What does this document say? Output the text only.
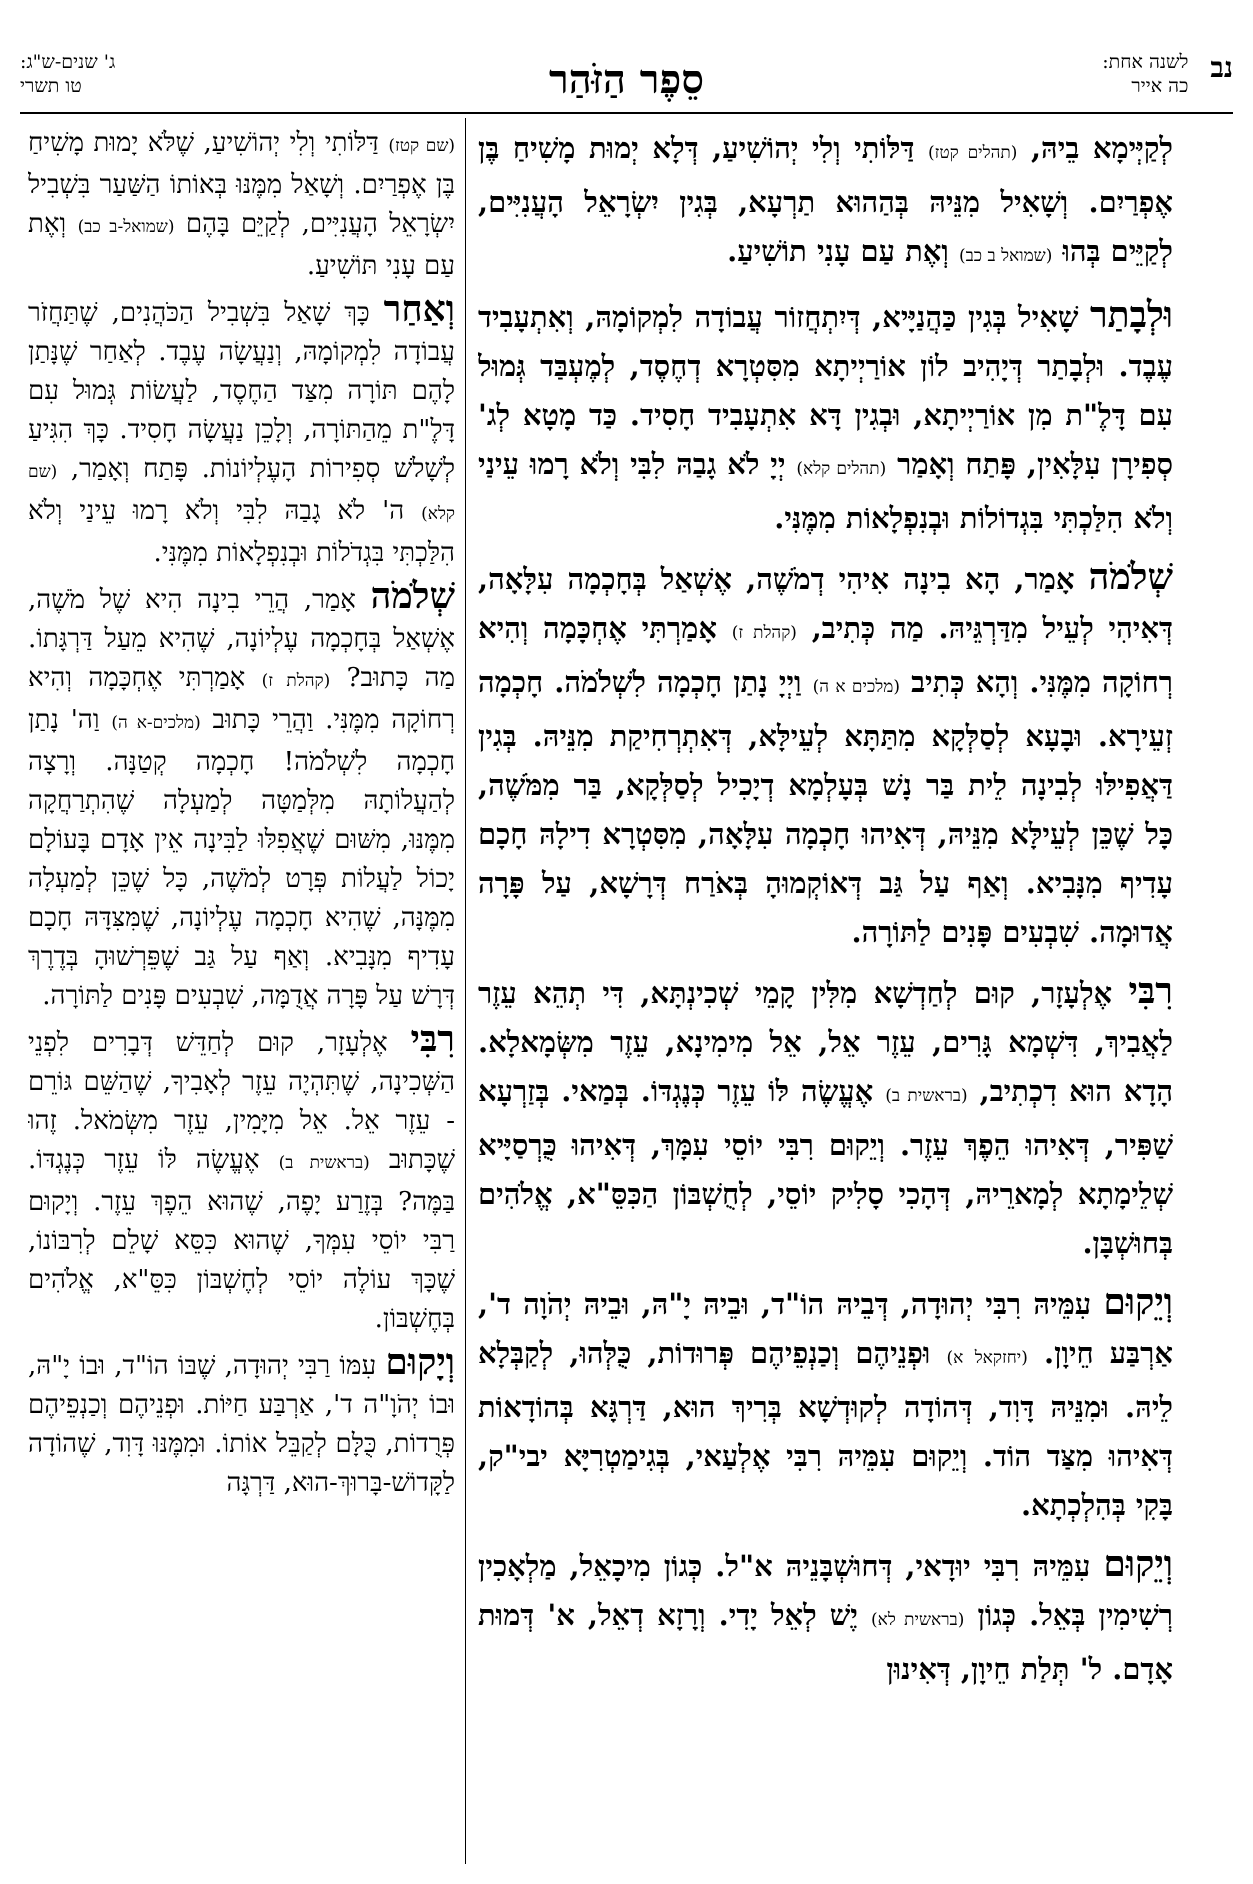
נב
לשנה אחת:
כה אייר
סֵפֶר הַזֹּהַר
ג' שנים-ש"ג:
טו תשרי

לְקַיְּימָא בֵיהּ, (תהלים קטז) דַּלּוֹתִי וְלִי יְהוֹשִׁיעַ, דְּלָא יְמוּת מָשִׁיחַ בֶּן אֶפְרַיִם. וְשָׁאִיל מִנֵּיהּ בְּהַהוּא תַרְעָא, בְּגִין יִשְׂרָאֵל הָעֲנִיִּים, לְקַיֵּים בְּהוּ (שמואל ב כב) וְאֶת עַם עָנִי תוֹשִׁיעַ.

וּלְבָתַר שָׁאִיל בְּגִין כַּהֲנַיָּיא, דְּיִתְחֲזוֹר עֲבוֹדָה לִמְקוֹמָהּ, וְאִתְעָבִיד עֶבֶד. וּלְבָתַר דְּיָהִיב לוֹן אוֹרַיְיתָא מִסִּטְרָא דְחֶסֶד, לְמֶעְבַּד גְּמוּל עִם דָּלֶ"ת מִן אוֹרַיְיתָא, וּבְגִין דָּא אִתְעָבִיד חָסִיד. כַּד מָטָא לְג' סְפִירָן עִלָּאִין, פָּתַח וְאָמַר (תהלים קלא) יְיָ לֹא גָבַהּ לִבִּי וְלֹא רָמוּ עֵינַי וְלֹא הִלַּכְתִּי בִּגְדוֹלוֹת וּבְנִפְלָאוֹת מִמֶּנִּי.

שְׁלֹמֹה אָמַר, הָא בִינָה אִיהִי דְמֹשֶׁה, אֶשְׁאַל בְּחָכְמָה עִלָּאָה, דְּאִיהִי לְעֵיל מִדַּרְגֵּיהּ. מַה כְּתִיב, (קהלת ז) אָמַרְתִּי אֶחְכָּמָה וְהִיא רְחוֹקָה מִמֶּנִּי. וְהָא כְּתִיב (מלכים א ה) וַיְיָ נָתַן חָכְמָה לִשְׁלֹמֹה. חָכְמָה זְעֵירָא. וּבָעָא לְסַלְּקָא מִתַּתָּא לְעֵילָּא, דְּאִתְרְחִיקַת מִנֵּיהּ. בְּגִין דַּאֲפִילּוּ לְבִינָה לֵית בַּר נָשׁ בְּעָלְמָא דְיָכִיל לְסַלְּקָא, בַּר מִמֹּשֶׁה, כָּל שֶׁכֵּן לְעֵילָּא מִנֵּיהּ, דְּאִיהוּ חָכְמָה עִלָּאָה, מִסִּטְרָא דִילָהּ חָכָם עָדִיף מִנָּבִיא. וְאַף עַל גַּב דְּאוֹקְמוּהָ בְּאֹרַח דְּרָשָׁא, עַל פָּרָה אֲדוּמָה. שִׁבְעִים פָּנִים לַתּוֹרָה.

רִבִּי אֶלְעָזָר, קוּם לְחַדְשָׁא מִלִּין קָמֵי שְׁכִינְתָּא, דִּי תְהֵא עֵזֶר לַאֲבִיךְ, דִּשְׁמָא גָּרִים, עֵזֶר אֵל, אֵל מִימִינָא, עֵזֶר מִשְּׂמָאלָא. הָדָא הוּא דִכְתִיב, (בראשית ב) אֶעֱשֶׂה לּוֹ עֵזֶר כְּנֶגְדּוֹ. בְּמַאי. בְּזַרְעָא שַׁפִּיר, דְּאִיהוּ הֵפֶךְ עֵזֶר. וְיֵקוּם רִבִּי יוֹסֵי עִמָּךְ, דְּאִיהוּ כֻּרְסַיָּיא שְׁלֵימָתָא לְמָארֵיהּ, דְּהָכִי סָלִיק יוֹסֵי, לְחֻשְׁבּוֹן הַכִּסֵּ"א, אֱלֹהִים בְּחוּשְׁבָּן.

וְיֵקוּם עִמֵּיהּ רִבִּי יְהוּדָה, דְּבֵיהּ הוֹ"ד, וּבֵיהּ יָ"הּ, וּבֵיהּ יְהֹוָה ד', אַרְבַּע חֵיוָן. (יחזקאל א) וּפְנֵיהֶם וְכַנְפֵיהֶם פְּרוּדוֹת, כֻּלְּהוּ, לְקַבְּלָא לֵיהּ. וּמִנֵּיהּ דָּוִד, דְּהוֹדָה לְקוּדְשָׁא בְּרִיךְ הוּא, דַּרְגָּא בְּהוֹדָאוֹת דְּאִיהוּ מִצַּד הוֹד. וְיֵקוּם עִמֵּיהּ רִבִּי אֶלְעַאי, בְּגִימַטְרִיָּא יבי"ק, בָּקִי בְּהִלְכְתָא.

וְיֵקוּם עִמֵּיהּ רִבִּי יוּדָאי, דְּחוּשְׁבָּנֵיהּ א"ל. כְּגוֹן מִיכָאֵל, מַלְאָכִין רְשִׁימִין בְּאֵל. כְּגוֹן (בראשית לא) יֶשׁ לְאֵל יָדִי. וְרָזָא דְאֵל, א' דְּמוּת אָדָם. ל' תְּלַת חֵיוָן, דְּאִינוּן

(שם קטז) דַּלּוֹתִי וְלִי יְהוֹשִׁיעַ, שֶׁלֹּא יָמוּת מָשִׁיחַ בֶּן אֶפְרַיִם. וְשָׁאַל מִמֶּנּוּ בְּאוֹתוֹ הַשַּׁעַר בִּשְׁבִיל יִשְׂרָאֵל הָעֲנִיִּים, לְקַיֵּם בָּהֶם (שמואל-ב כב) וְאֶת עַם עָנִי תּוֹשִׁיעַ.

וְאַחַר כָּךְ שָׁאַל בִּשְׁבִיל הַכֹּהֲנִים, שֶׁתַּחֲזֹר עֲבוֹדָה לִמְקוֹמָהּ, וְנַעֲשָׂה עֶבֶד. לְאַחַר שֶׁנָּתַן לָהֶם תּוֹרָה מִצַּד הַחֶסֶד, לַעֲשׂוֹת גְּמוּל עִם דָּלֶ"ת מֵהַתּוֹרָה, וְלָכֵן נַעֲשָׂה חָסִיד. כָּךְ הִגִּיעַ לְשָׁלֹשׁ סְפִירוֹת הָעֶלְיוֹנוֹת. פָּתַח וְאָמַר, (שם קלא) ה' לֹא גָבַהּ לִבִּי וְלֹא רָמוּ עֵינַי וְלֹא הִלַּכְתִּי בִּגְדֹלוֹת וּבְנִפְלָאוֹת מִמֶּנִּי.

שְׁלֹמֹה אָמַר, הֲרֵי בִינָה הִיא שֶׁל מֹשֶׁה, אֶשְׁאַל בְּחָכְמָה עֶלְיוֹנָה, שֶׁהִיא מֵעַל דַּרְגָּתוֹ. מַה כָּתוּב? (קהלת ז) אָמַרְתִּי אֶחְכָּמָה וְהִיא רְחוֹקָה מִמֶּנִּי. וַהֲרֵי כָּתוּב (מלכים-א ה) וַה' נָתַן חָכְמָה לִשְׁלֹמֹה! חָכְמָה קְטַנָּה. וְרָצָה לְהַעֲלוֹתָהּ מִלְּמַטָּה לְמַעְלָה שֶׁהִתְרַחֲקָה מִמֶּנּוּ, מִשּׁוּם שֶׁאֲפִלּוּ לַבִּינָה אֵין אָדָם בָּעוֹלָם יָכוֹל לַעֲלוֹת פְּרָט לְמֹשֶׁה, כָּל שֶׁכֵּן לְמַעְלָה מִמֶּנָּה, שֶׁהִיא חָכְמָה עֶלְיוֹנָה, שֶׁמִּצִּדָּהּ חָכָם עָדִיף מִנָּבִיא. וְאַף עַל גַּב שֶׁפֵּרְשׁוּהָ בְּדֶרֶךְ דְּרָשׁ עַל פָּרָה אֲדֻמָּה, שִׁבְעִים פָּנִים לַתּוֹרָה.

רִבִּי אֶלְעָזָר, קוּם לְחַדֵּשׁ דְּבָרִים לִפְנֵי הַשְּׁכִינָה, שֶׁתִּהְיֶה עֵזֶר לְאָבִיךָ, שֶׁהַשֵּׁם גּוֹרֵם - עֵזֶר אֵל. אֵל מִיָּמִין, עֵזֶר מִשְּׂמֹאל. זֶהוּ שֶׁכָּתוּב (בראשית ב) אֶעֱשֶׂה לּוֹ עֵזֶר כְּנֶגְדּוֹ. בַּמֶּה? בְּזֶרַע יָפֶה, שֶׁהוּא הֵפֶךְ עֵזֶר. וְיָקוּם רַבִּי יוֹסֵי עִמְּךָ, שֶׁהוּא כִּסֵּא שָׁלֵם לְרִבּוֹנוֹ, שֶׁכָּךְ עוֹלֶה יוֹסֵי לְחֶשְׁבּוֹן כִּסֵּ"א, אֱלֹהִים בְּחֶשְׁבּוֹן.

וְיָקוּם עִמּוֹ רַבִּי יְהוּדָה, שֶׁבּוֹ הוֹ"ד, וּבוֹ יָ"הּ, וּבוֹ יְהֹוָ"ה ד', אַרְבַּע חַיּוֹת. וּפְנֵיהֶם וְכַנְפֵיהֶם פְּרֻדוֹת, כֻּלָּם לְקַבֵּל אוֹתוֹ. וּמִמֶּנּוּ דָּוִד, שֶׁהוֹדָה לַקָּדוֹשׁ-בָּרוּךְ-הוּא, דַּרְגָּה
